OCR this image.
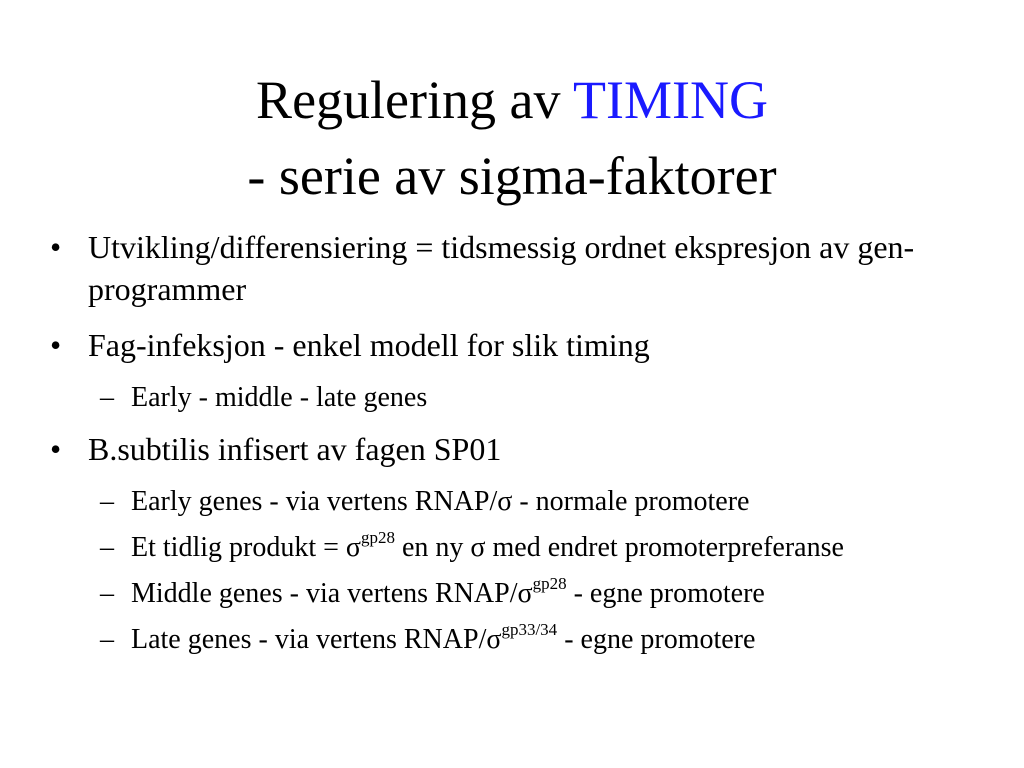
Regulering av TIMING
- serie av sigma-faktorer
• Utvikling/differensiering = tidsmessig ordnet ekspresjon av gen-programmer
• Fag-infeksjon - enkel modell for slik timing
– Early - middle - late genes
• B.subtilis infisert av fagen SP01
– Early genes - via vertens RNAP/σ - normale promotere
– Et tidlig produkt = $\sigma^{gp28}$ en ny σ med endret promoterpreferanse
– Middle genes - via vertens RNAP/$\sigma^{gp28}$ - egne promotere
– Late genes - via vertens RNAP/$\sigma^{gp33/34}$ - egne promotere
